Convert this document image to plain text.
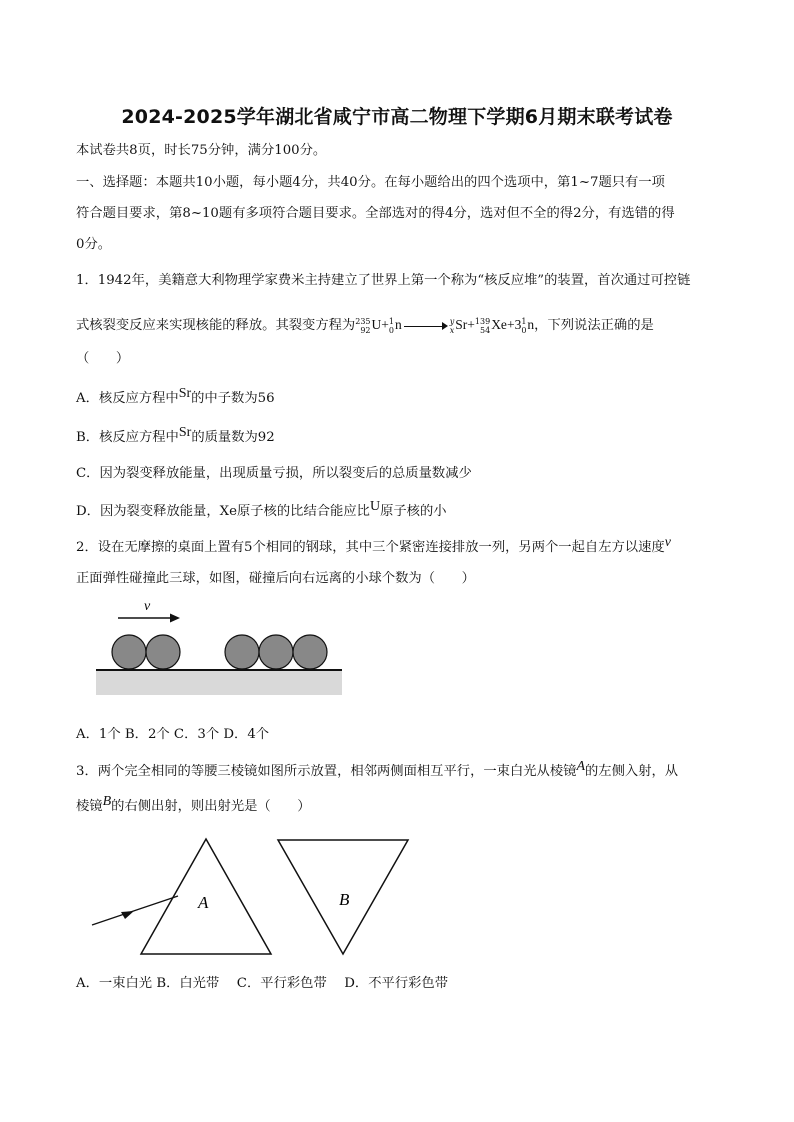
2024-2025学年湖北省咸宁市高二物理下学期6月期末联考试卷
本试卷共8页，时长75分钟，满分100分。
一、选择题：本题共10小题，每小题4分，共40分。在每小题给出的四个选项中，第1~7题只有一项
符合题目要求，第8~10题有多项符合题目要求。全部选对的得4分，选对但不全的得2分，有选错的得
0分。
1．1942年，美籍意大利物理学家费米主持建立了世界上第一个称为“核反应堆”的装置，首次通过可控链
式核裂变反应来实现核能的释放。其裂变方程为 235
92 U+ 1
0 n	y
x Sr+ 139
54 Xe+3 1
0 n，下列说法正确的是
（　　）
A．核反应方程中Sr的中子数为56
B．核反应方程中Sr的质量数为92
C．因为裂变释放能量，出现质量亏损，所以裂变后的总质量数减少
D．因为裂变释放能量，Xe原子核的比结合能应比U原子核的小
2．设在无摩擦的桌面上置有5个相同的钢球，其中三个紧密连接排放一列，另两个一起自左方以速度v
正面弹性碰撞此三球，如图，碰撞后向右远离的小球个数为（　　）
v
A．1个 B．2个 C．3个 D．4个
3．两个完全相同的等腰三棱镜如图所示放置，相邻两侧面相互平行，一束白光从棱镜A的左侧入射，从
棱镜B的右侧出射，则出射光是（　　）
A	B
A．一束白光 B．白光带　 C．平行彩色带　 D．不平行彩色带
